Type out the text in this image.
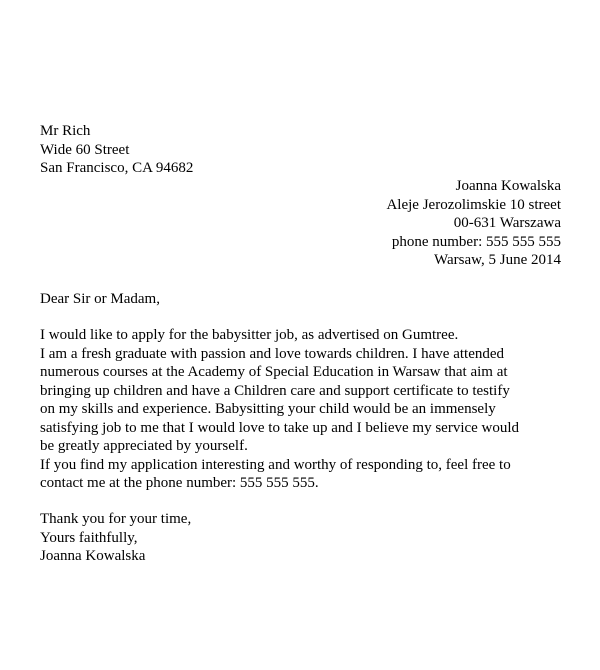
Mr Rich
Wide 60 Street
San Francisco, CA 94682
Joanna Kowalska
Aleje Jerozolimskie 10 street
00-631 Warszawa
phone number: 555 555 555
Warsaw, 5 June 2014
Dear Sir or Madam,
I would like to apply for the babysitter job, as advertised on Gumtree.
I am a fresh graduate with passion and love towards children. I have attended
numerous courses at the Academy of Special Education in Warsaw that aim at
bringing up children and have a Children care and support certificate to testify
on my skills and experience. Babysitting your child would be an immensely
satisfying job to me that I would love to take up and I believe my service would
be greatly appreciated by yourself.
If you find my application interesting and worthy of responding to, feel free to
contact me at the phone number: 555 555 555.
Thank you for your time,
Yours faithfully,
Joanna Kowalska
